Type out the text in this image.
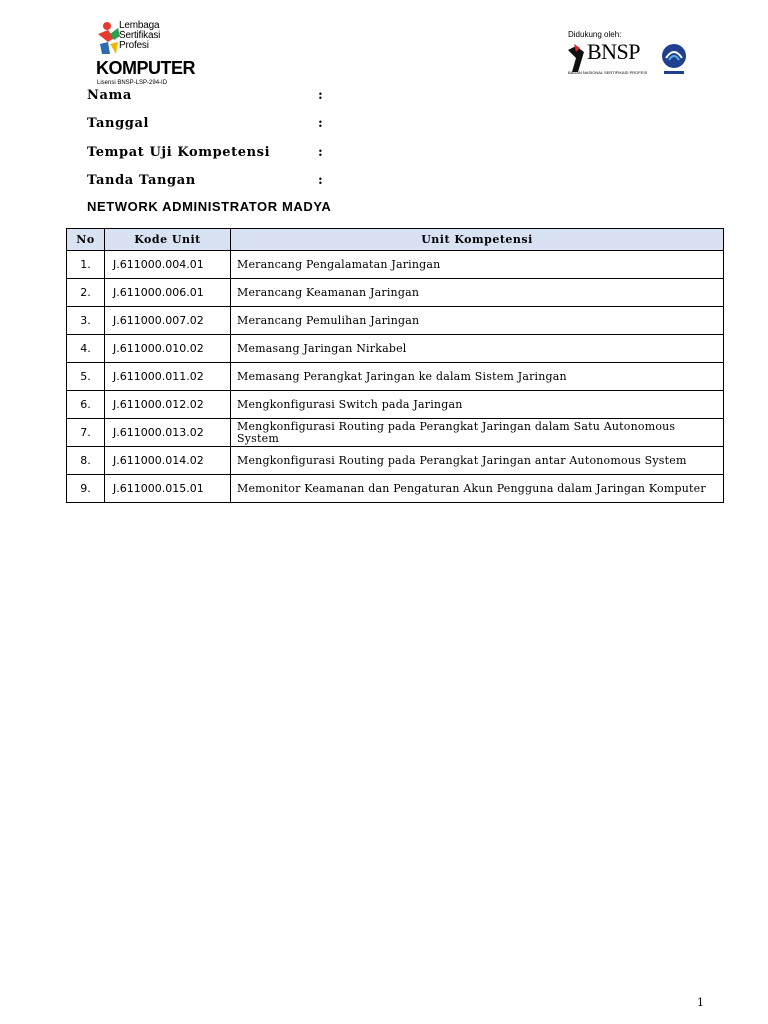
Lembaga
Sertifikasi
Profesi
KOMPUTER
Lisensi BNSP-LSP-294-ID
Didukung oleh:
BNSP
BADAN NASIONAL SERTIFIKASI PROFESI
Nama	:
Tanggal	:
Tempat Uji Kompetensi	:
Tanda Tangan	:
NETWORK ADMINISTRATOR MADYA
No	Kode Unit	Unit Kompetensi
1.	J.611000.004.01	Merancang Pengalamatan Jaringan
2.	J.611000.006.01	Merancang Keamanan Jaringan
3.	J.611000.007.02	Merancang Pemulihan Jaringan
4.	J.611000.010.02	Memasang Jaringan Nirkabel
5.	J.611000.011.02	Memasang Perangkat Jaringan ke dalam Sistem Jaringan
6.	J.611000.012.02	Mengkonfigurasi Switch pada Jaringan
7.	J.611000.013.02	Mengkonfigurasi Routing pada Perangkat Jaringan dalam Satu Autonomous System
8.	J.611000.014.02	Mengkonfigurasi Routing pada Perangkat Jaringan antar Autonomous System
9.	J.611000.015.01	Memonitor Keamanan dan Pengaturan Akun Pengguna dalam Jaringan Komputer
1
